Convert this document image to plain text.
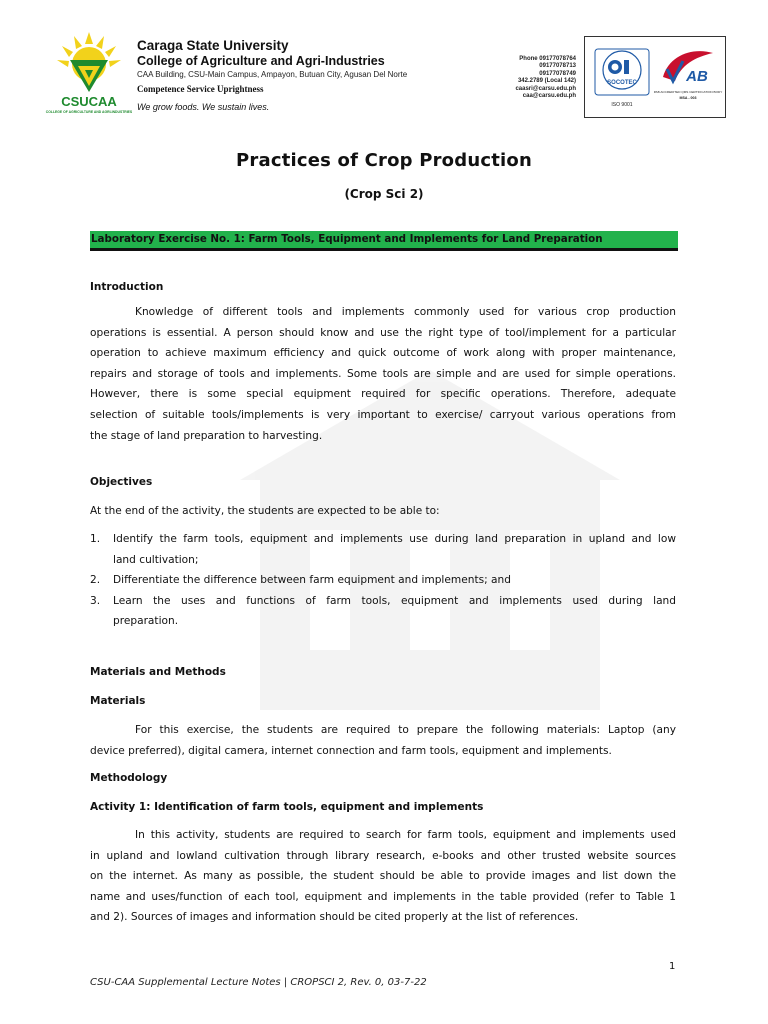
CSUCAA
COLLEGE OF AGRICULTURE AND AGRI-INDUSTRIES
Caraga State University
College of Agriculture and Agri-Industries
CAA Building, CSU-Main Campus, Ampayon, Butuan City, Agusan Del Norte
Competence Service Uprightness
We grow foods. We sustain lives.
Phone 09177078764
09177078713
09177078749
342.2789 (Local 142)
caasri@carsu.edu.ph
caa@carsu.edu.ph
SOCOTEC
ISO 9001
AB
PAB ACCREDITED QMS CERTIFICATION BODY
MSA - 003
Practices of Crop Production
(Crop Sci 2)
Laboratory Exercise No. 1: Farm Tools, Equipment and Implements for Land Preparation
Introduction
Knowledge of different tools and implements commonly used for various crop production
operations is essential. A person should know and use the right type of tool/implement for a particular
operation to achieve maximum efficiency and quick outcome of work along with proper maintenance,
repairs and storage of tools and implements. Some tools are simple and are used for simple operations.
However, there is some special equipment required for specific operations. Therefore, adequate
selection of suitable tools/implements is very important to exercise/ carryout various operations from
the stage of land preparation to harvesting.
Objectives
At the end of the activity, the students are expected to be able to:
1. Identify the farm tools, equipment and implements use during land preparation in upland and low
land cultivation;
2. Differentiate the difference between farm equipment and implements; and
3. Learn the uses and functions of farm tools, equipment and implements used during land
preparation.
Materials and Methods
Materials
For this exercise, the students are required to prepare the following materials: Laptop (any
device preferred), digital camera, internet connection and farm tools, equipment and implements.
Methodology
Activity 1: Identification of farm tools, equipment and implements
In this activity, students are required to search for farm tools, equipment and implements used
in upland and lowland cultivation through library research, e-books and other trusted website sources
on the internet. As many as possible, the student should be able to provide images and list down the
name and uses/function of each tool, equipment and implements in the table provided (refer to Table 1
and 2). Sources of images and information should be cited properly at the list of references.
1
CSU-CAA Supplemental Lecture Notes | CROPSCI 2, Rev. 0, 03-7-22
